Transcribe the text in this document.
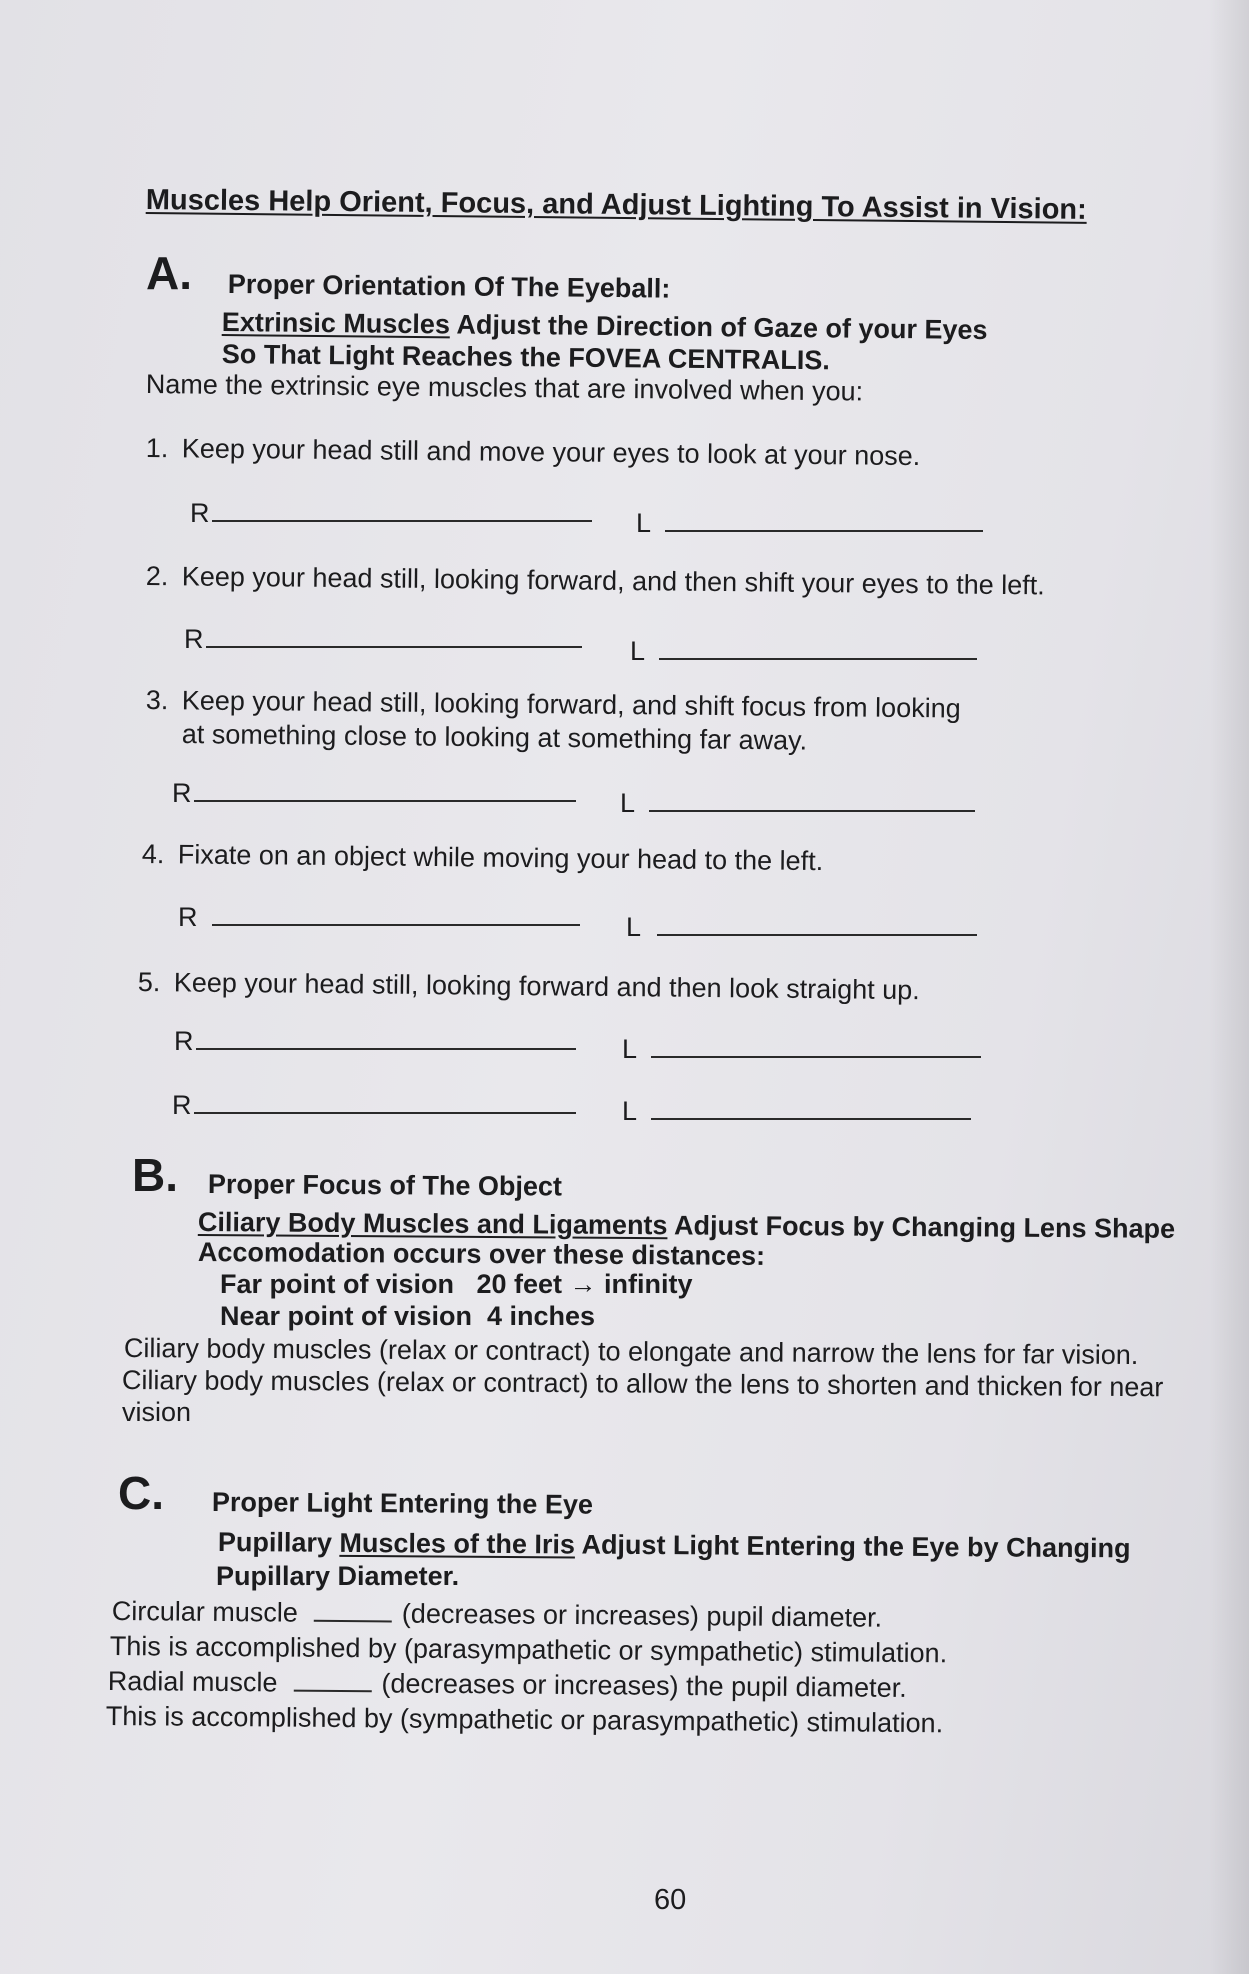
Muscles Help Orient, Focus, and Adjust Lighting To Assist in Vision:
A. Proper Orientation Of The Eyeball:
Extrinsic Muscles Adjust the Direction of Gaze of your Eyes
So That Light Reaches the FOVEA CENTRALIS.
Name the extrinsic eye muscles that are involved when you:
1. Keep your head still and move your eyes to look at your nose.
R	L
2. Keep your head still, looking forward, and then shift your eyes to the left.
R	L
3. Keep your head still, looking forward, and shift focus from looking
at something close to looking at something far away.
R	L
4. Fixate on an object while moving your head to the left.
R	L
5. Keep your head still, looking forward and then look straight up.
R	L
R	L
B. Proper Focus of The Object
Ciliary Body Muscles and Ligaments Adjust Focus by Changing Lens Shape
Accomodation occurs over these distances:
Far point of vision   20 feet → infinity
Near point of vision  4 inches
Ciliary body muscles (relax or contract) to elongate and narrow the lens for far vision.
Ciliary body muscles (relax or contract) to allow the lens to shorten and thicken for near
vision
C. Proper Light Entering the Eye
Pupillary Muscles of the Iris Adjust Light Entering the Eye by Changing
Pupillary Diameter.
Circular muscle	(decreases or increases) pupil diameter.
This is accomplished by (parasympathetic or sympathetic) stimulation.
Radial muscle	(decreases or increases) the pupil diameter.
This is accomplished by (sympathetic or parasympathetic) stimulation.
60
